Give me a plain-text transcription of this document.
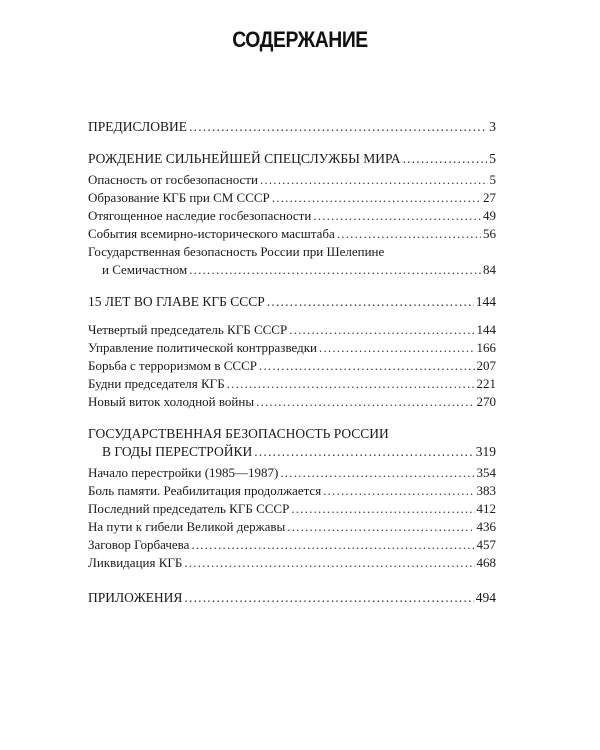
СОДЕРЖАНИЕ
ПРЕДИСЛОВИЕ .....	3
РОЖДЕНИЕ СИЛЬНЕЙШЕЙ СПЕЦСЛУЖБЫ МИРА .....	5
Опасность от госбезопасности .....	5
Образование КГБ при СМ СССР .....	27
Отягощенное наследие госбезопасности .....	49
События всемирно-исторического масштаба .....	56
Государственная безопасность России при Шелепине
и Семичастном .....	84
15 ЛЕТ ВО ГЛАВЕ КГБ СССР .....	144
Четвертый председатель КГБ СССР .....	144
Управление политической контрразведки .....	166
Борьба с терроризмом в СССР .....	207
Будни председателя КГБ .....	221
Новый виток холодной войны .....	270
ГОСУДАРСТВЕННАЯ БЕЗОПАСНОСТЬ РОССИИ
В ГОДЫ ПЕРЕСТРОЙКИ .....	319
Начало перестройки (1985—1987) .....	354
Боль памяти. Реабилитация продолжается .....	383
Последний председатель КГБ СССР .....	412
На пути к гибели Великой державы .....	436
Заговор Горбачева .....	457
Ликвидация КГБ .....	468
ПРИЛОЖЕНИЯ .....	494
